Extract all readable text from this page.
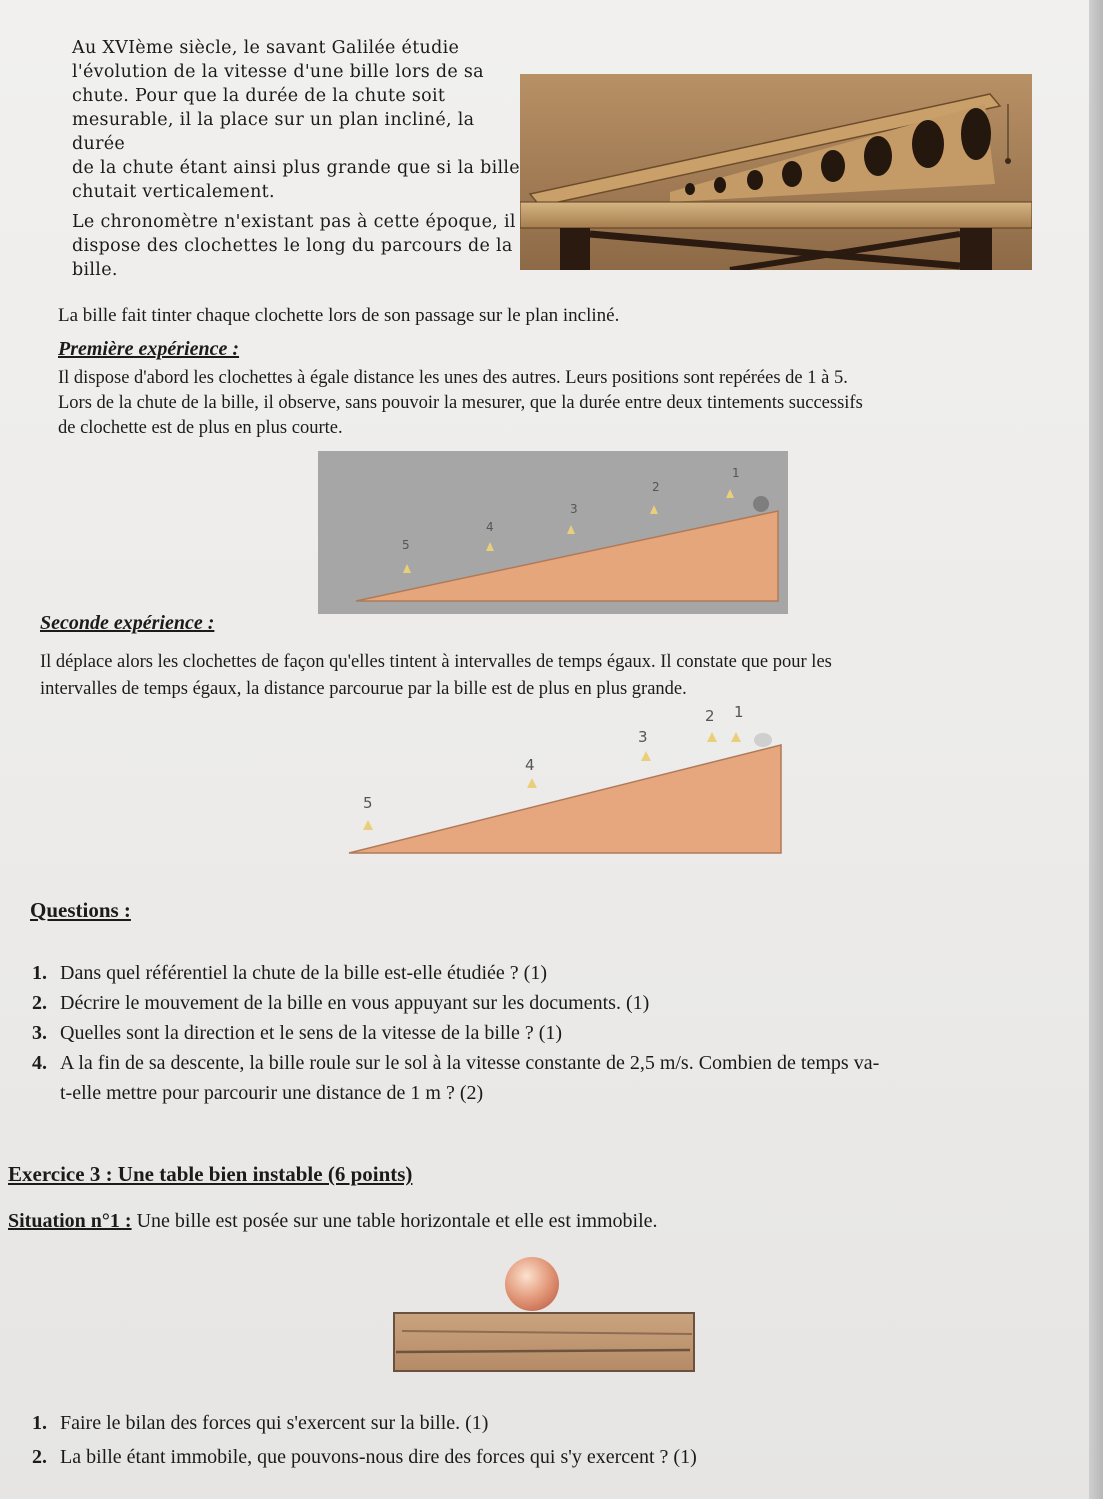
Au XVIème siècle, le savant Galilée étudie

l'évolution de la vitesse d'une bille lors de sa

chute. Pour que la durée de la chute soit

mesurable, il la place sur un plan incliné, la durée

de la chute étant ainsi plus grande que si la bille

chutait verticalement.

Le chronomètre n'existant pas à cette époque, il

dispose des clochettes le long du parcours de la

bille.

La bille fait tinter chaque clochette lors de son passage sur le plan incliné.
Première expérience :
Il dispose d'abord les clochettes à égale distance les unes des autres. Leurs positions sont repérées de 1 à 5.
Lors de la chute de la bille, il observe, sans pouvoir la mesurer, que la durée entre deux tintements successifs
de clochette est de plus en plus courte.
1
2
3
4
5
Seconde expérience :
Il déplace alors les clochettes de façon qu'elles tintent à intervalles de temps égaux. Il constate que pour les
intervalles de temps égaux, la distance parcourue par la bille est de plus en plus grande.
1
2
3
4
5
Questions :
1. Dans quel référentiel la chute de la bille est-elle étudiée ? (1)
2. Décrire le mouvement de la bille en vous appuyant sur les documents. (1)
3. Quelles sont la direction et le sens de la vitesse de la bille ? (1)
4. A la fin de sa descente, la bille roule sur le sol à la vitesse constante de 2,5 m/s. Combien de temps va-
t-elle mettre pour parcourir une distance de 1 m ? (2)
Exercice 3 : Une table bien instable (6 points)
Situation n°1 : Une bille est posée sur une table horizontale et elle est immobile.
1. Faire le bilan des forces qui s'exercent sur la bille. (1)
2. La bille étant immobile, que pouvons-nous dire des forces qui s'y exercent ? (1)
